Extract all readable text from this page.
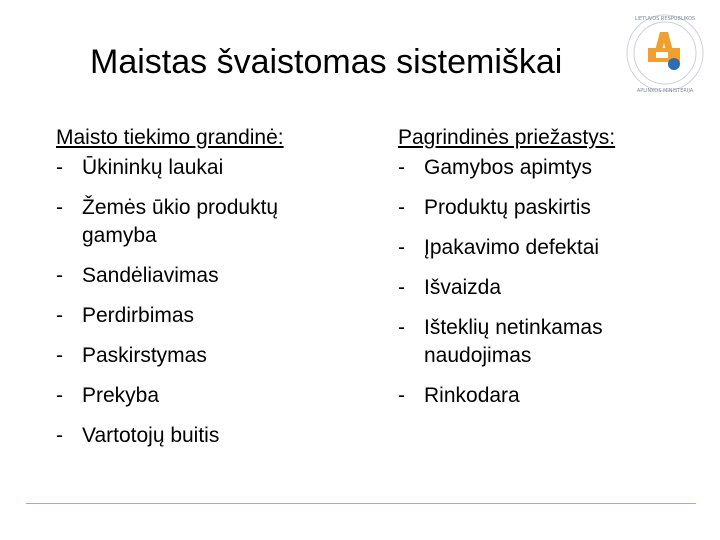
Maistas švaistomas sistemiškai
LIETUVOS RESPUBLIKOS
APLINKOS MINISTERIJA
Maisto tiekimo grandinė:
- Ūkininkų laukai
- Žemės ūkio produktų gamyba
- Sandėliavimas
- Perdirbimas
- Paskirstymas
- Prekyba
- Vartotojų buitis
Pagrindinės priežastys:
- Gamybos apimtys
- Produktų paskirtis
- Įpakavimo defektai
- Išvaizda
- Išteklių netinkamas naudojimas
- Rinkodara
